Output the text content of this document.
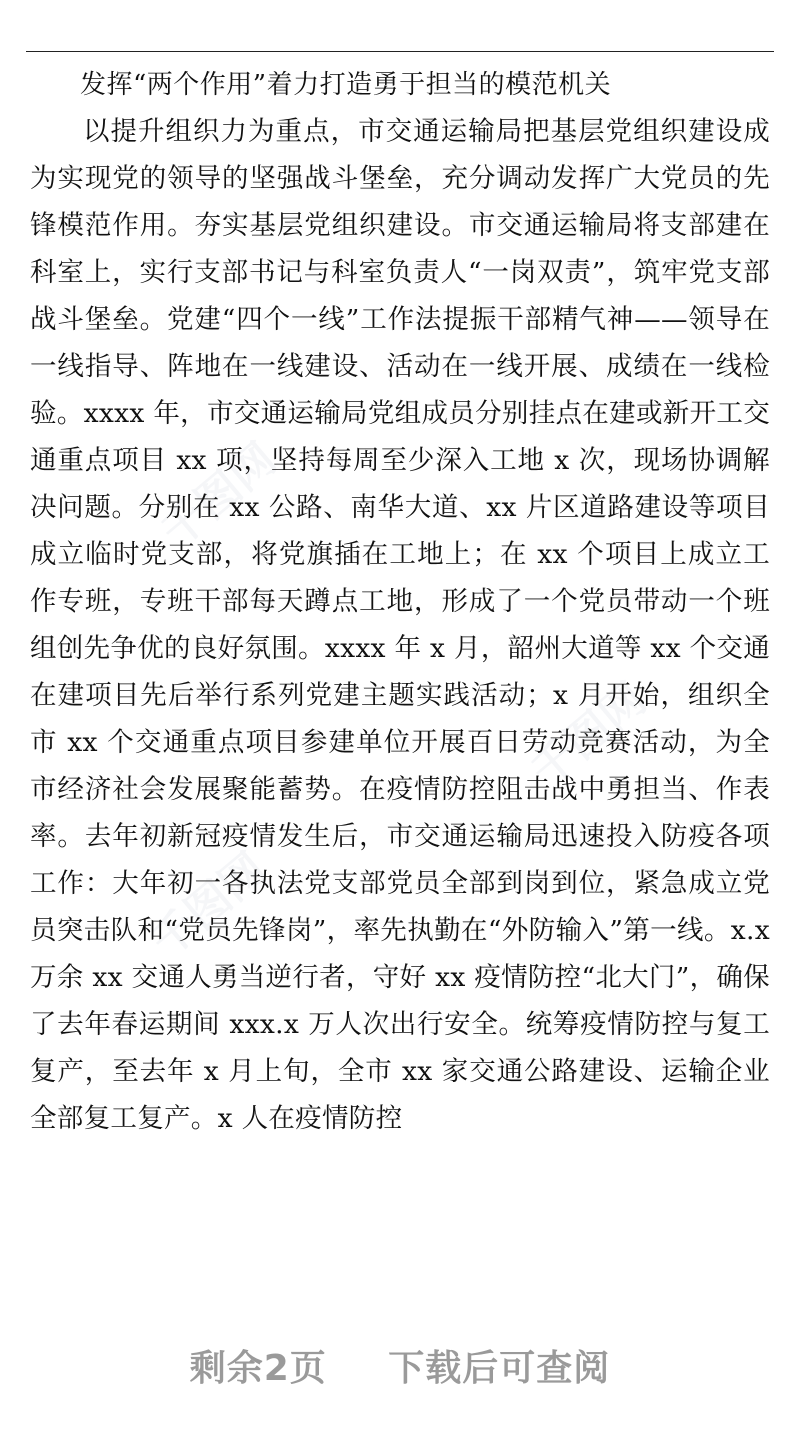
千图网
千图网
千图网
发挥“两个作用”着力打造勇于担当的模范机关

以提升组织力为重点，市交通运输局把基层党组织建设成为实现党的领导的坚强战斗堡垒，充分调动发挥广大党员的先锋模范作用。夯实基层党组织建设。市交通运输局将支部建在科室上，实行支部书记与科室负责人“一岗双责”，筑牢党支部战斗堡垒。党建“四个一线”工作法提振干部精气神——领导在一线指导、阵地在一线建设、活动在一线开展、成绩在一线检验。xxxx 年，市交通运输局党组成员分别挂点在建或新开工交通重点项目 xx 项，坚持每周至少深入工地 x 次，现场协调解决问题。分别在 xx 公路、南华大道、xx 片区道路建设等项目成立临时党支部，将党旗插在工地上；在 xx 个项目上成立工作专班，专班干部每天蹲点工地，形成了一个党员带动一个班组创先争优的良好氛围。xxxx 年 x 月，韶州大道等 xx 个交通在建项目先后举行系列党建主题实践活动；x 月开始，组织全市 xx 个交通重点项目参建单位开展百日劳动竞赛活动，为全市经济社会发展聚能蓄势。在疫情防控阻击战中勇担当、作表率。去年初新冠疫情发生后，市交通运输局迅速投入防疫各项工作：大年初一各执法党支部党员全部到岗到位，紧急成立党员突击队和“党员先锋岗”，率先执勤在“外防输入”第一线。x.x 万余 xx 交通人勇当逆行者，守好 xx 疫情防控“北大门”，确保了去年春运期间 xxx.x 万人次出行安全。统筹疫情防控与复工复产，至去年 x 月上旬，全市 xx 家交通公路建设、运输企业全部复工复产。x 人在疫情防控

剩余2页 下载后可查阅
